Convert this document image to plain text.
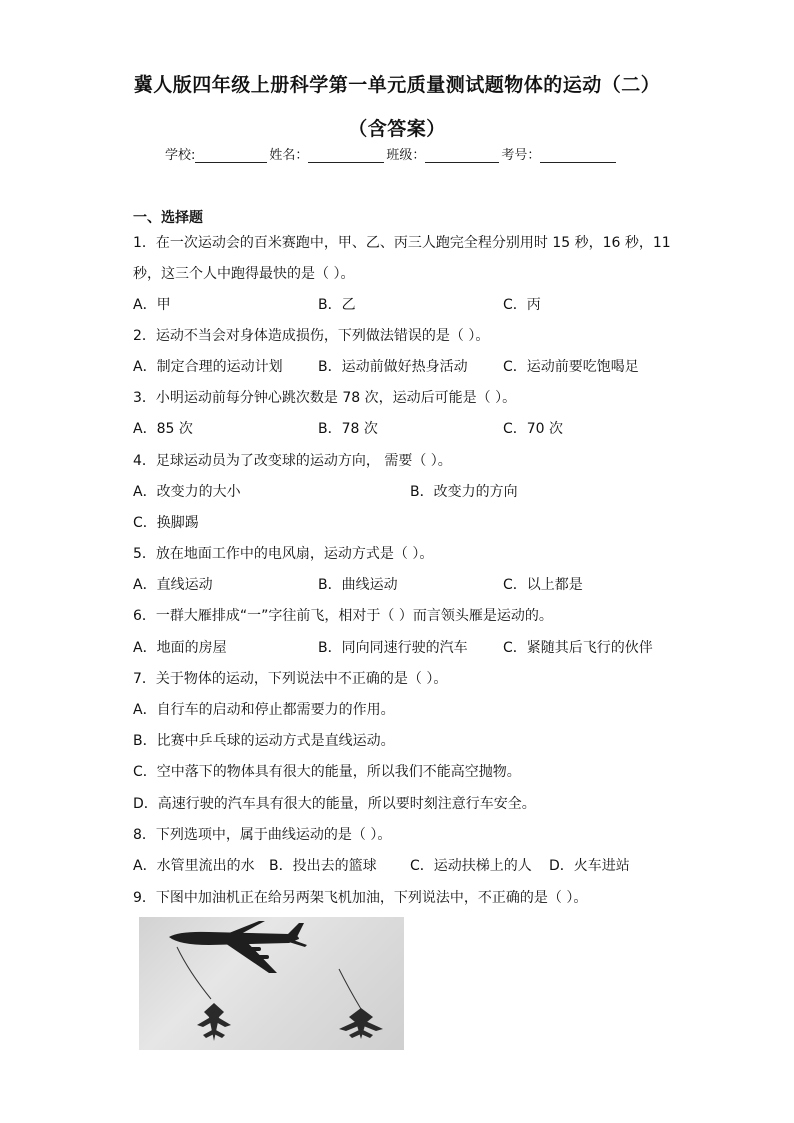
冀人版四年级上册科学第一单元质量测试题物体的运动（二）
（含答案）
学校:	姓名：	班级：	考号：
一、选择题
1．在一次运动会的百米赛跑中，甲、乙、丙三人跑完全程分别用时 15 秒，16 秒，11
秒，这三个人中跑得最快的是（ ）。
A．甲	B．乙	C．丙
2．运动不当会对身体造成损伤，下列做法错误的是（ ）。
A．制定合理的运动计划	B．运动前做好热身活动	C．运动前要吃饱喝足
3．小明运动前每分钟心跳次数是 78 次，运动后可能是（ ）。
A．85 次	B．78 次	C．70 次
4．足球运动员为了改变球的运动方向， 需要（ ）。
A．改变力的大小	B．改变力的方向
C．换脚踢
5．放在地面工作中的电风扇，运动方式是（ ）。
A．直线运动	B．曲线运动	C．以上都是
6．一群大雁排成“一”字往前飞，相对于（ ）而言领头雁是运动的。
A．地面的房屋	B．同向同速行驶的汽车	C．紧随其后飞行的伙伴
7．关于物体的运动，下列说法中不正确的是（ ）。
A．自行车的启动和停止都需要力的作用。
B．比赛中乒乓球的运动方式是直线运动。
C．空中落下的物体具有很大的能量，所以我们不能高空抛物。
D．高速行驶的汽车具有很大的能量，所以要时刻注意行车安全。
8．下列选项中，属于曲线运动的是（ ）。
A．水管里流出的水 B．投出去的篮球 C．运动扶梯上的人 D．火车进站
9．下图中加油机正在给另两架飞机加油，下列说法中，不正确的是（ ）。
